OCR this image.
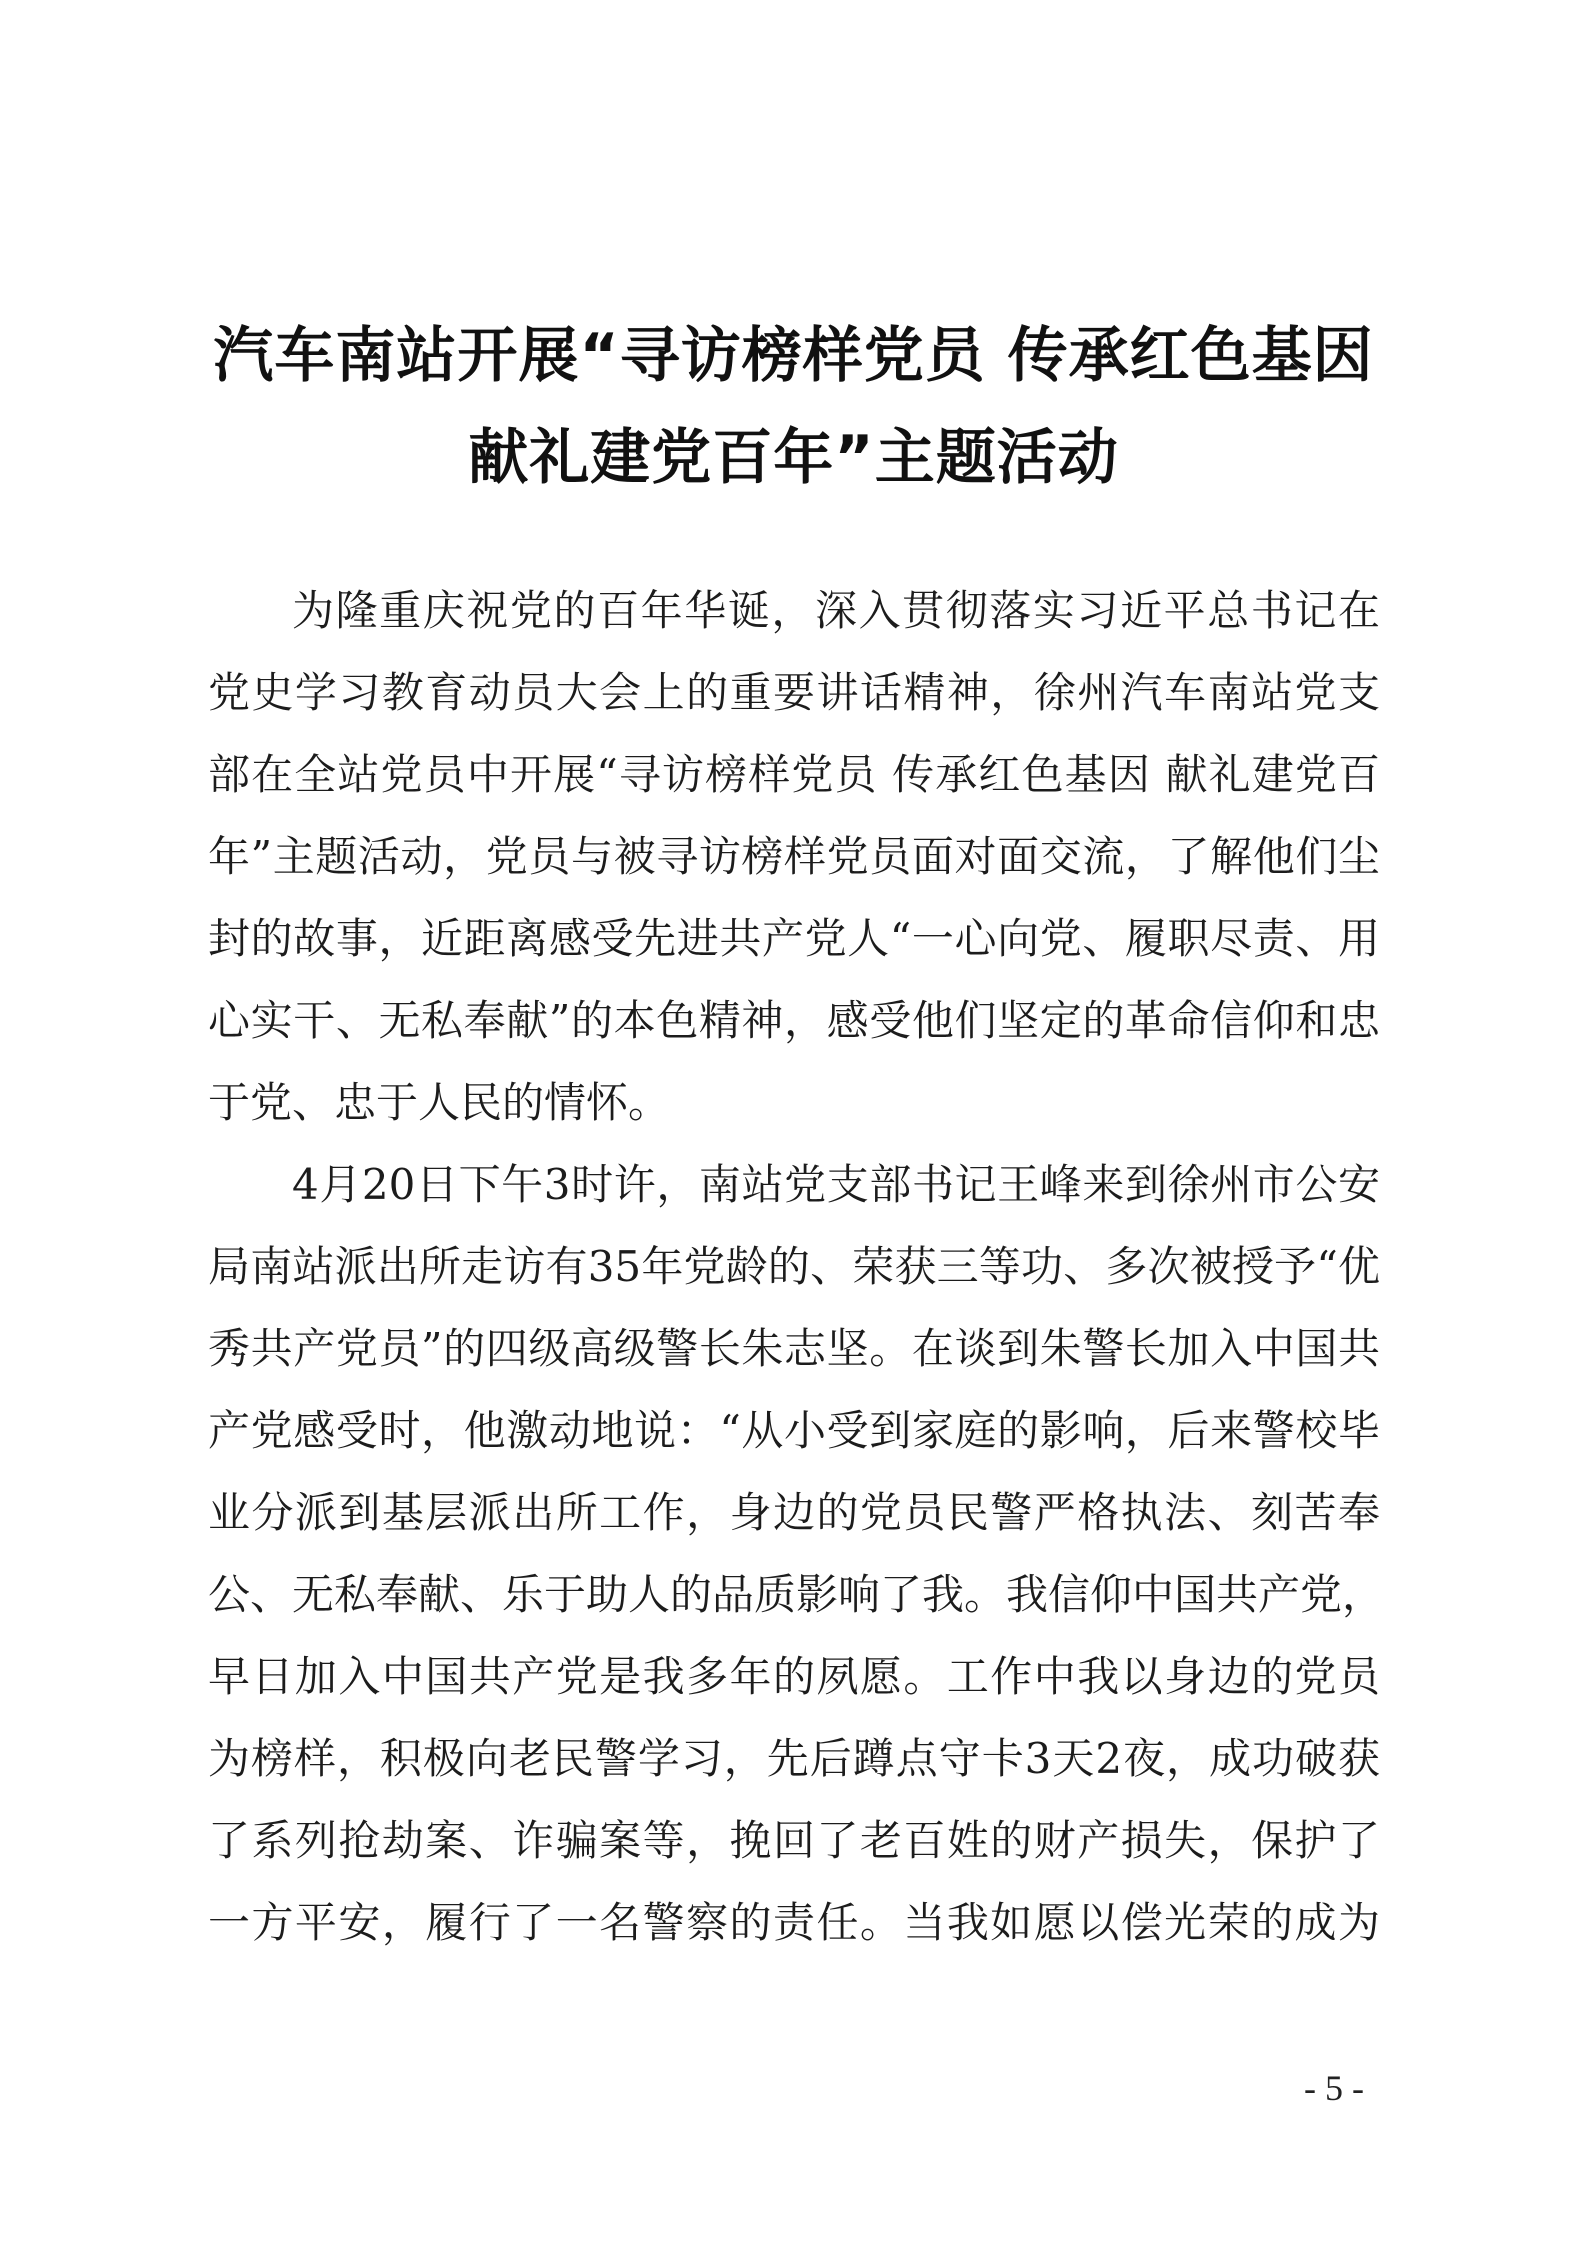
汽车南站开展“寻访榜样党员 传承红色基因
献礼建党百年”主题活动
为隆重庆祝党的百年华诞，深入贯彻落实习近平总书记在
党史学习教育动员大会上的重要讲话精神，徐州汽车南站党支
部在全站党员中开展“寻访榜样党员 传承红色基因 献礼建党百
年”主题活动，党员与被寻访榜样党员面对面交流，了解他们尘
封的故事，近距离感受先进共产党人“一心向党、履职尽责、用
心实干、无私奉献”的本色精神，感受他们坚定的革命信仰和忠
于党、忠于人民的情怀。
4月20日下午3时许，南站党支部书记王峰来到徐州市公安
局南站派出所走访有35年党龄的、荣获三等功、多次被授予“优
秀共产党员”的四级高级警长朱志坚。在谈到朱警长加入中国共
产党感受时，他激动地说：“从小受到家庭的影响，后来警校毕
业分派到基层派出所工作，身边的党员民警严格执法、刻苦奉
公、无私奉献、乐于助人的品质影响了我。我信仰中国共产党，
早日加入中国共产党是我多年的夙愿。工作中我以身边的党员
为榜样，积极向老民警学习，先后蹲点守卡3天2夜，成功破获
了系列抢劫案、诈骗案等，挽回了老百姓的财产损失，保护了
一方平安，履行了一名警察的责任。当我如愿以偿光荣的成为
- 5 -
